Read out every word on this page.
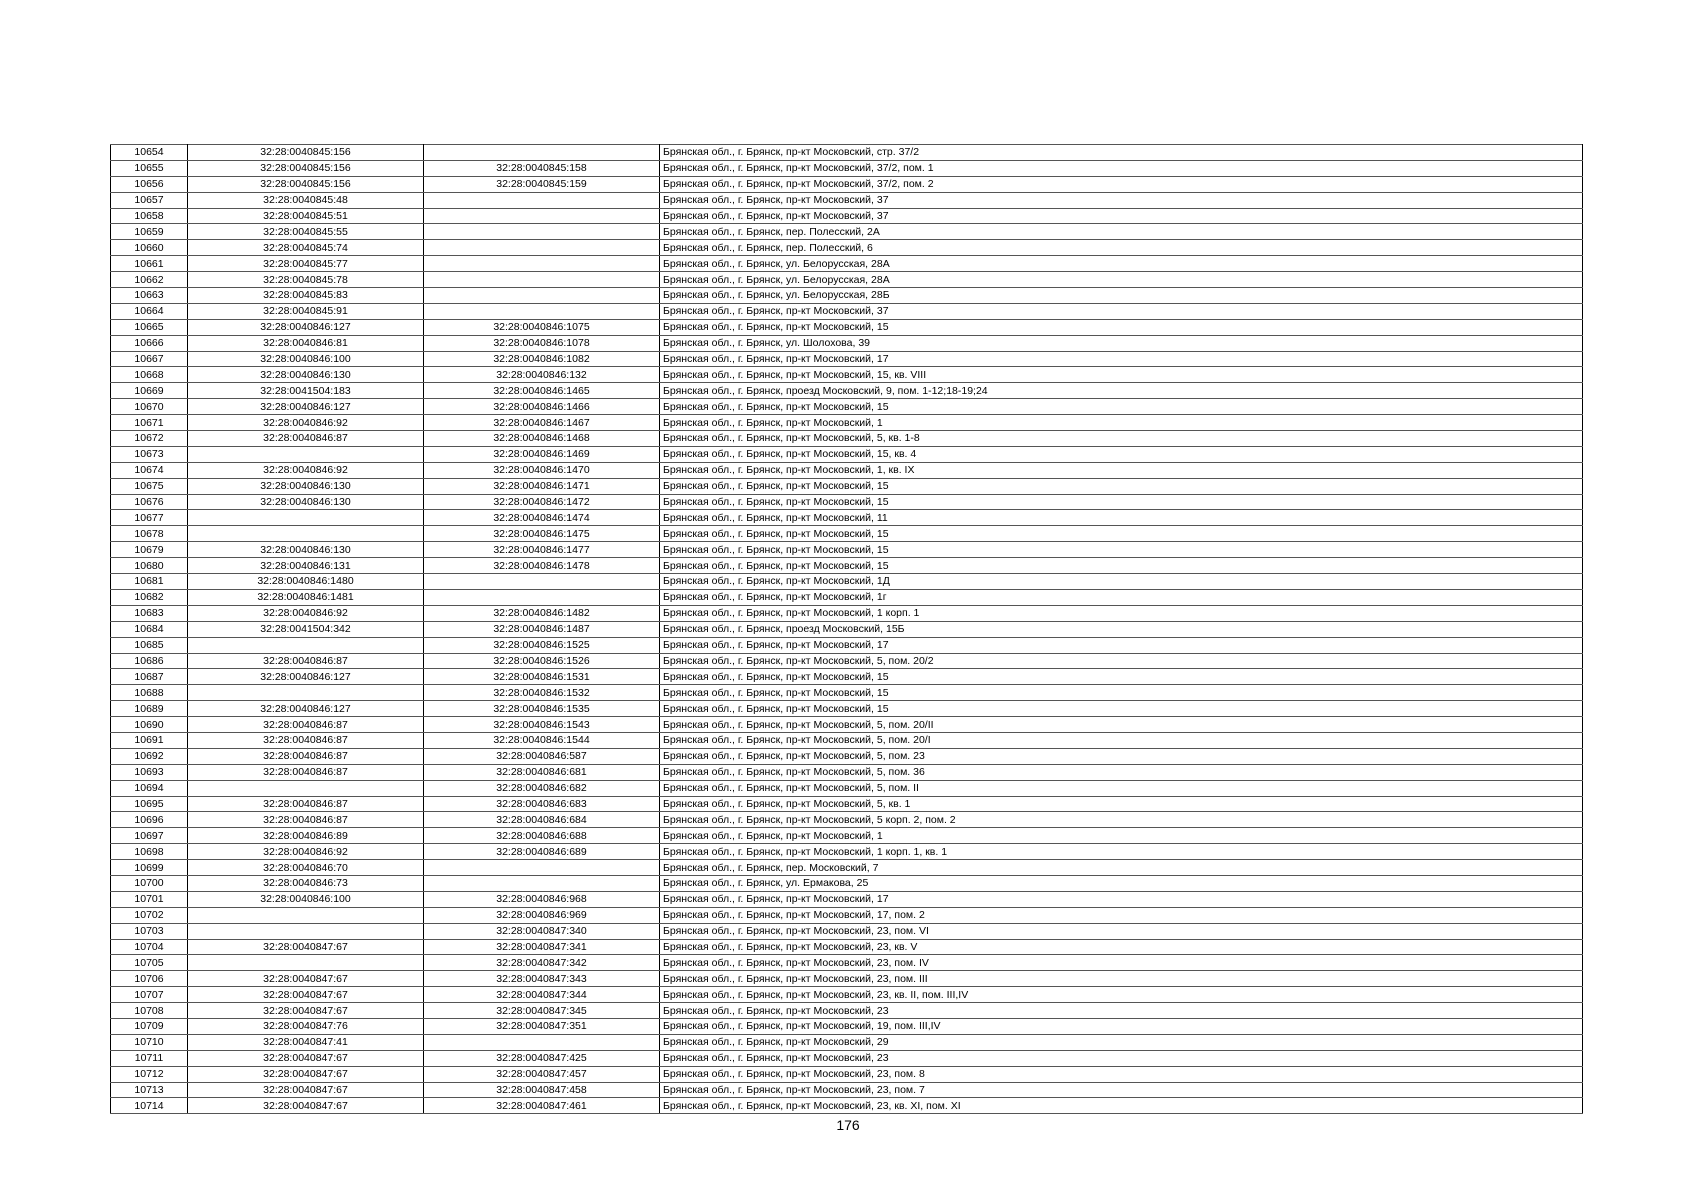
10654	32:28:0040845:156		Брянская обл., г. Брянск, пр-кт Московский, стр. 37/2
10655	32:28:0040845:156	32:28:0040845:158	Брянская обл., г. Брянск, пр-кт Московский, 37/2, пом. 1
10656	32:28:0040845:156	32:28:0040845:159	Брянская обл., г. Брянск, пр-кт Московский, 37/2, пом. 2
10657	32:28:0040845:48		Брянская обл., г. Брянск, пр-кт Московский, 37
10658	32:28:0040845:51		Брянская обл., г. Брянск, пр-кт Московский, 37
10659	32:28:0040845:55		Брянская обл., г. Брянск, пер. Полесский, 2А
10660	32:28:0040845:74		Брянская обл., г. Брянск, пер. Полесский, 6
10661	32:28:0040845:77		Брянская обл., г. Брянск, ул. Белорусская, 28А
10662	32:28:0040845:78		Брянская обл., г. Брянск, ул. Белорусская, 28А
10663	32:28:0040845:83		Брянская обл., г. Брянск, ул. Белорусская, 28Б
10664	32:28:0040845:91		Брянская обл., г. Брянск, пр-кт Московский, 37
10665	32:28:0040846:127	32:28:0040846:1075	Брянская обл., г. Брянск, пр-кт Московский, 15
10666	32:28:0040846:81	32:28:0040846:1078	Брянская обл., г. Брянск, ул. Шолохова, 39
10667	32:28:0040846:100	32:28:0040846:1082	Брянская обл., г. Брянск, пр-кт Московский, 17
10668	32:28:0040846:130	32:28:0040846:132	Брянская обл., г. Брянск, пр-кт Московский, 15, кв. VIII
10669	32:28:0041504:183	32:28:0040846:1465	Брянская обл., г. Брянск, проезд Московский, 9, пом. 1-12;18-19;24
10670	32:28:0040846:127	32:28:0040846:1466	Брянская обл., г. Брянск, пр-кт Московский, 15
10671	32:28:0040846:92	32:28:0040846:1467	Брянская обл., г. Брянск, пр-кт Московский, 1
10672	32:28:0040846:87	32:28:0040846:1468	Брянская обл., г. Брянск, пр-кт Московский, 5, кв. 1-8
10673		32:28:0040846:1469	Брянская обл., г. Брянск, пр-кт Московский, 15, кв. 4
10674	32:28:0040846:92	32:28:0040846:1470	Брянская обл., г. Брянск, пр-кт Московский, 1, кв. IX
10675	32:28:0040846:130	32:28:0040846:1471	Брянская обл., г. Брянск, пр-кт Московский, 15
10676	32:28:0040846:130	32:28:0040846:1472	Брянская обл., г. Брянск, пр-кт Московский, 15
10677		32:28:0040846:1474	Брянская обл., г. Брянск, пр-кт Московский, 11
10678		32:28:0040846:1475	Брянская обл., г. Брянск, пр-кт Московский, 15
10679	32:28:0040846:130	32:28:0040846:1477	Брянская обл., г. Брянск, пр-кт Московский, 15
10680	32:28:0040846:131	32:28:0040846:1478	Брянская обл., г. Брянск, пр-кт Московский, 15
10681	32:28:0040846:1480		Брянская обл., г. Брянск, пр-кт Московский, 1Д
10682	32:28:0040846:1481		Брянская обл., г. Брянск, пр-кт Московский, 1г
10683	32:28:0040846:92	32:28:0040846:1482	Брянская обл., г. Брянск, пр-кт Московский, 1 корп. 1
10684	32:28:0041504:342	32:28:0040846:1487	Брянская обл., г. Брянск, проезд Московский, 15Б
10685		32:28:0040846:1525	Брянская обл., г. Брянск, пр-кт Московский, 17
10686	32:28:0040846:87	32:28:0040846:1526	Брянская обл., г. Брянск, пр-кт Московский, 5, пом. 20/2
10687	32:28:0040846:127	32:28:0040846:1531	Брянская обл., г. Брянск, пр-кт Московский, 15
10688		32:28:0040846:1532	Брянская обл., г. Брянск, пр-кт Московский, 15
10689	32:28:0040846:127	32:28:0040846:1535	Брянская обл., г. Брянск, пр-кт Московский, 15
10690	32:28:0040846:87	32:28:0040846:1543	Брянская обл., г. Брянск, пр-кт Московский, 5, пом. 20/II
10691	32:28:0040846:87	32:28:0040846:1544	Брянская обл., г. Брянск, пр-кт Московский, 5, пом. 20/I
10692	32:28:0040846:87	32:28:0040846:587	Брянская обл., г. Брянск, пр-кт Московский, 5, пом. 23
10693	32:28:0040846:87	32:28:0040846:681	Брянская обл., г. Брянск, пр-кт Московский, 5, пом. 36
10694		32:28:0040846:682	Брянская обл., г. Брянск, пр-кт Московский, 5, пом. II
10695	32:28:0040846:87	32:28:0040846:683	Брянская обл., г. Брянск, пр-кт Московский, 5, кв. 1
10696	32:28:0040846:87	32:28:0040846:684	Брянская обл., г. Брянск, пр-кт Московский, 5 корп. 2, пом. 2
10697	32:28:0040846:89	32:28:0040846:688	Брянская обл., г. Брянск, пр-кт Московский, 1
10698	32:28:0040846:92	32:28:0040846:689	Брянская обл., г. Брянск, пр-кт Московский, 1 корп. 1, кв. 1
10699	32:28:0040846:70		Брянская обл., г. Брянск, пер. Московский, 7
10700	32:28:0040846:73		Брянская обл., г. Брянск, ул. Ермакова, 25
10701	32:28:0040846:100	32:28:0040846:968	Брянская обл., г. Брянск, пр-кт Московский, 17
10702		32:28:0040846:969	Брянская обл., г. Брянск, пр-кт Московский, 17, пом. 2
10703		32:28:0040847:340	Брянская обл., г. Брянск, пр-кт Московский, 23, пом. VI
10704	32:28:0040847:67	32:28:0040847:341	Брянская обл., г. Брянск, пр-кт Московский, 23, кв. V
10705		32:28:0040847:342	Брянская обл., г. Брянск, пр-кт Московский, 23, пом. IV
10706	32:28:0040847:67	32:28:0040847:343	Брянская обл., г. Брянск, пр-кт Московский, 23, пом. III
10707	32:28:0040847:67	32:28:0040847:344	Брянская обл., г. Брянск, пр-кт Московский, 23, кв. II, пом. III,IV
10708	32:28:0040847:67	32:28:0040847:345	Брянская обл., г. Брянск, пр-кт Московский, 23
10709	32:28:0040847:76	32:28:0040847:351	Брянская обл., г. Брянск, пр-кт Московский, 19, пом. III,IV
10710	32:28:0040847:41		Брянская обл., г. Брянск, пр-кт Московский, 29
10711	32:28:0040847:67	32:28:0040847:425	Брянская обл., г. Брянск, пр-кт Московский, 23
10712	32:28:0040847:67	32:28:0040847:457	Брянская обл., г. Брянск, пр-кт Московский, 23, пом. 8
10713	32:28:0040847:67	32:28:0040847:458	Брянская обл., г. Брянск, пр-кт Московский, 23, пом. 7
10714	32:28:0040847:67	32:28:0040847:461	Брянская обл., г. Брянск, пр-кт Московский, 23, кв. XI, пом. XI
176
